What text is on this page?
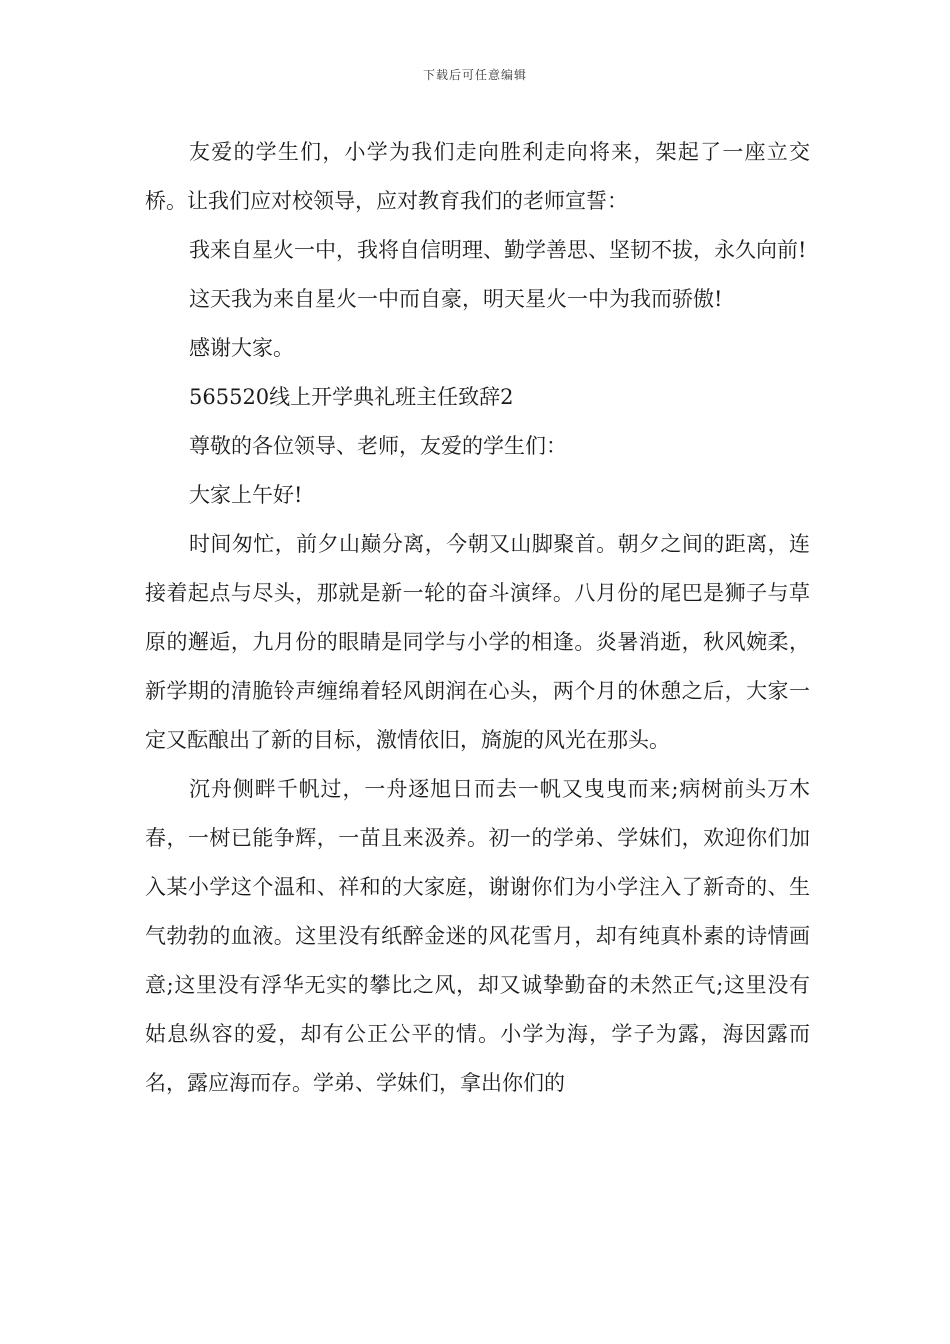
下载后可任意编辑

友爱的学生们，小学为我们走向胜利走向将来，架起了一座立交桥。让我们应对校领导，应对教育我们的老师宣誓：

我来自星火一中，我将自信明理、勤学善思、坚韧不拔，永久向前!

这天我为来自星火一中而自豪，明天星火一中为我而骄傲!

感谢大家。

565520线上开学典礼班主任致辞2

尊敬的各位领导、老师，友爱的学生们：

大家上午好!

时间匆忙，前夕山巅分离，今朝又山脚聚首。朝夕之间的距离，连接着起点与尽头，那就是新一轮的奋斗演绎。八月份的尾巴是狮子与草原的邂逅，九月份的眼睛是同学与小学的相逢。炎暑消逝，秋风婉柔，新学期的清脆铃声缠绵着轻风朗润在心头，两个月的休憩之后，大家一定又酝酿出了新的目标，激情依旧，旖旎的风光在那头。

沉舟侧畔千帆过，一舟逐旭日而去一帆又曳曳而来;病树前头万木春，一树已能争辉，一苗且来汲养。初一的学弟、学妹们，欢迎你们加入某小学这个温和、祥和的大家庭，谢谢你们为小学注入了新奇的、生气勃勃的血液。这里没有纸醉金迷的风花雪月，却有纯真朴素的诗情画意;这里没有浮华无实的攀比之风，却又诚挚勤奋的未然正气;这里没有姑息纵容的爱，却有公正公平的情。小学为海，学子为露，海因露而名，露应海而存。学弟、学妹们，拿出你们的
